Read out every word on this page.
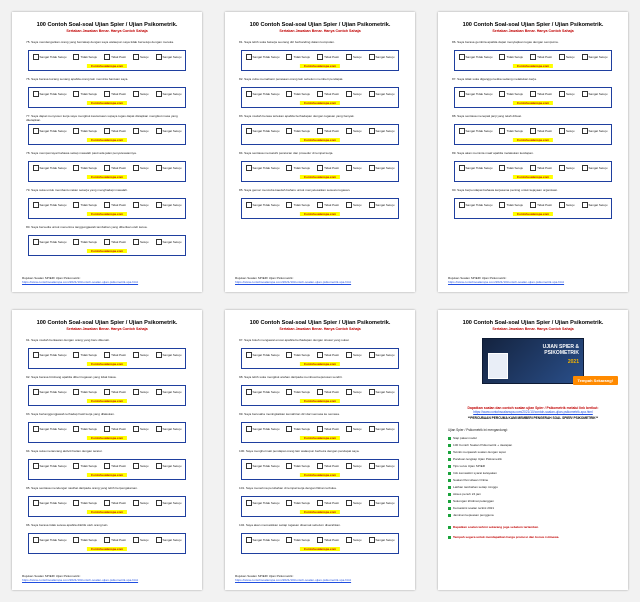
100 Contoh Soal-soal Ujian Spier / Ujian Psikometrik.
Sertakan Jawaban Benar. Hanya Contoh Sahaja
75. Saya mendengarkan orang yang bercakap dengan saya walaupun saya tidak bersetuju dengan mereka.
Sangat Tidak Setuju	Tidak Setuju	Tidak Pasti	Setuju	Sangat Setuju
Contohsoalanspa.com
76. Saya berasa kurang senang apabila orang lain meminta bantuan saya.
Sangat Tidak Setuju	Tidak Setuju	Tidak Pasti	Setuju	Sangat Setuju
Contohsoalanspa.com
77. Saya dapat menyusun kerja saya mengikut keutamaan supaya tugas dapat disiapkan mengikut masa yang ditetapkan.
Sangat Tidak Setuju	Tidak Setuju	Tidak Pasti	Setuju	Sangat Setuju
Contohsoalanspa.com
78. Saya mempercayai bahawa setiap masalah pasti ada jalan penyelesaiannya.
Sangat Tidak Setuju	Tidak Setuju	Tidak Pasti	Setuju	Sangat Setuju
Contohsoalanspa.com
79. Saya suka untuk membantu rakan sekerja yang menghadapi masalah.
Sangat Tidak Setuju	Tidak Setuju	Tidak Pasti	Setuju	Sangat Setuju
Contohsoalanspa.com
80. Saya bersedia untuk menerima tanggungjawab tambahan yang diberikan oleh ketua.
Sangat Tidak Setuju	Tidak Setuju	Tidak Pasti	Setuju	Sangat Setuju
Contohsoalanspa.com
Rujukan Soalan SPIER/ Ujian Psikometrik:
https://www.contohsoalanspa.com/2021/10/contoh-soalan-ujian-psikometrik-spa.html
100 Contoh Soal-soal Ujian Spier / Ujian Psikometrik.
Sertakan Jawaban Benar. Hanya Contoh Sahaja
81. Saya lebih suka bekerja seorang diri berbanding dalam kumpulan.
Sangat Tidak Setuju	Tidak Setuju	Tidak Pasti	Setuju	Sangat Setuju
Contohsoalanspa.com
82. Saya cuba memahami perasaan orang lain sebelum memberi pendapat.
Sangat Tidak Setuju	Tidak Setuju	Tidak Pasti	Setuju	Sangat Setuju
Contohsoalanspa.com
83. Saya mudah berasa tertekan apabila berhadapan dengan tugasan yang banyak.
Sangat Tidak Setuju	Tidak Setuju	Tidak Pasti	Setuju	Sangat Setuju
Contohsoalanspa.com
84. Saya sentiasa mematuhi peraturan dan prosedur di tempat kerja.
Sangat Tidak Setuju	Tidak Setuju	Tidak Pasti	Setuju	Sangat Setuju
Contohsoalanspa.com
85. Saya gemar mencuba kaedah baharu untuk menyelesaikan sesuatu tugasan.
Sangat Tidak Setuju	Tidak Setuju	Tidak Pasti	Setuju	Sangat Setuju
Contohsoalanspa.com
Rujukan Soalan SPIER/ Ujian Psikometrik:
https://www.contohsoalanspa.com/2021/10/contoh-soalan-ujian-psikometrik-spa.html
100 Contoh Soal-soal Ujian Spier / Ujian Psikometrik.
Sertakan Jawaban Benar. Hanya Contoh Sahaja
86. Saya berasa gembira apabila dapat menyiapkan tugas dengan sempurna.
Sangat Tidak Setuju	Tidak Setuju	Tidak Pasti	Setuju	Sangat Setuju
Contohsoalanspa.com
87. Saya tidak suka diganggu ketika sedang melakukan kerja.
Sangat Tidak Setuju	Tidak Setuju	Tidak Pasti	Setuju	Sangat Setuju
Contohsoalanspa.com
88. Saya sentiasa menepati janji yang telah dibuat.
Sangat Tidak Setuju	Tidak Setuju	Tidak Pasti	Setuju	Sangat Setuju
Contohsoalanspa.com
89. Saya akan meminta maaf apabila melakukan kesilapan.
Sangat Tidak Setuju	Tidak Setuju	Tidak Pasti	Setuju	Sangat Setuju
Contohsoalanspa.com
90. Saya berpendapat bahawa kerjasama penting untuk kejayaan organisasi.
Sangat Tidak Setuju	Tidak Setuju	Tidak Pasti	Setuju	Sangat Setuju
Contohsoalanspa.com
Rujukan Soalan SPIER/ Ujian Psikometrik:
https://www.contohsoalanspa.com/2021/10/contoh-soalan-ujian-psikometrik-spa.html
100 Contoh Soal-soal Ujian Spier / Ujian Psikometrik.
Sertakan Jawaban Benar. Hanya Contoh Sahaja
91. Saya mudah berkawan dengan orang yang baru dikenali.
Sangat Tidak Setuju	Tidak Setuju	Tidak Pasti	Setuju	Sangat Setuju
Contohsoalanspa.com
92. Saya berasa bimbang apabila diberi tugasan yang tidak biasa.
Sangat Tidak Setuju	Tidak Setuju	Tidak Pasti	Setuju	Sangat Setuju
Contohsoalanspa.com
93. Saya bertanggungjawab terhadap hasil kerja yang dilakukan.
Sangat Tidak Setuju	Tidak Setuju	Tidak Pasti	Setuju	Sangat Setuju
Contohsoalanspa.com
94. Saya suka merancang aktiviti harian dengan teratur.
Sangat Tidak Setuju	Tidak Setuju	Tidak Pasti	Setuju	Sangat Setuju
Contohsoalanspa.com
95. Saya sentiasa mendengar nasihat daripada orang yang lebih berpengalaman.
Sangat Tidak Setuju	Tidak Setuju	Tidak Pasti	Setuju	Sangat Setuju
Contohsoalanspa.com
96. Saya berasa tidak selesa apabila dikritik oleh orang lain.
Sangat Tidak Setuju	Tidak Setuju	Tidak Pasti	Setuju	Sangat Setuju
Contohsoalanspa.com
Rujukan Soalan SPIER/ Ujian Psikometrik:
https://www.contohsoalanspa.com/2021/10/contoh-soalan-ujian-psikometrik-spa.html
100 Contoh Soal-soal Ujian Spier / Ujian Psikometrik.
Sertakan Jawaban Benar. Hanya Contoh Sahaja
97. Saya boleh mengawal emosi apabila berhadapan dengan situasi yang sukar.
Sangat Tidak Setuju	Tidak Setuju	Tidak Pasti	Setuju	Sangat Setuju
Contohsoalanspa.com
98. Saya lebih suka mengikut arahan daripada membuat keputusan sendiri.
Sangat Tidak Setuju	Tidak Setuju	Tidak Pasti	Setuju	Sangat Setuju
Contohsoalanspa.com
99. Saya berusaha meningkatkan kemahiran diri dari semasa ke semasa.
Sangat Tidak Setuju	Tidak Setuju	Tidak Pasti	Setuju	Sangat Setuju
Contohsoalanspa.com
100. Saya menghormati pendapat orang lain walaupun berbeza dengan pendapat saya.
Sangat Tidak Setuju	Tidak Setuju	Tidak Pasti	Setuju	Sangat Setuju
Contohsoalanspa.com
101. Saya menerima perubahan di tempat kerja dengan fikiran terbuka.
Sangat Tidak Setuju	Tidak Setuju	Tidak Pasti	Setuju	Sangat Setuju
Contohsoalanspa.com
102. Saya akan memastikan setiap tugasan disemak sebelum diserahkan.
Sangat Tidak Setuju	Tidak Setuju	Tidak Pasti	Setuju	Sangat Setuju
Contohsoalanspa.com
Rujukan Soalan SPIER/ Ujian Psikometrik:
https://www.contohsoalanspa.com/2021/10/contoh-soalan-ujian-psikometrik-spa.html
100 Contoh Soal-soal Ujian Spier / Ujian Psikometrik.
Sertakan Jawaban Benar. Hanya Contoh Sahaja
UJIAN SPIER &
PSIKOMETRIK
2021
Tempah Sekarang!
Dapatkan soalan dan contoh soalan ujian Spier / Psikometrik melalui link berikut:
https://www.contohsoalanspa.com/2021/10/contoh-soalan-ujian-psikometrik-spa.html
**PERCUBAAN PERCUMA KAMI MEMBERI PENGERAH SOAL SPIER/ PSIKOMETRIK**
Ujian Spier / Psikometrik ini mengandungi:
Siap pakai modul
100 Contoh Soalan Psikometrik + Jawapan
Teknik menjawab soalan dengan tepat
Panduan lengkap Ujian Psikometrik
Tips Lulus Ujian SPIER
Info kemaskini syarat kelayakan
Soalan Percubaan Online
Latihan tambahan setiap minggu
Akses penuh 24 jam
Sokongan khidmat pelanggan
Kemaskini soalan terkini 2021
Jaminan kepuasan pengguna
Dapatkan soalan terkini sekarang juga sebelum terlambat.
Tempah segera untuk mendapatkan harga promosi dan bonus istimewa.
